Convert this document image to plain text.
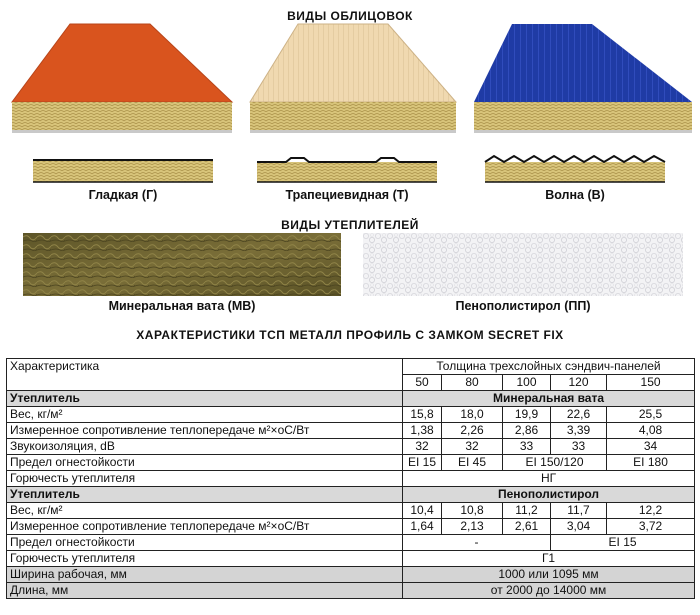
ВИДЫ ОБЛИЦОВОК
Гладкая (Г)	Трапециевидная (Т)	Волна (В)
ВИДЫ УТЕПЛИТЕЛЕЙ
Минеральная вата (МВ)	Пенополистирол (ПП)
ХАРАКТЕРИСТИКИ ТСП МЕТАЛЛ ПРОФИЛЬ С ЗАМКОМ SECRET FIX
Характеристика	Толщина трехслойных сэндвич-панелей				
	50	80	100	120	150
Утеплитель	Минеральная вата				
Вес, кг/м²	15,8	18,0	19,9	22,6	25,5
Измеренное сопротивление теплопередаче м²×оС/Вт	1,38	2,26	2,86	3,39	4,08
Звукоизоляция, dB	32	32	33	33	34
Предел огнестойкости	EI 15	EI 45	EI 150/120		EI 180
Горючесть утеплителя	НГ				
Утеплитель	Пенополистирол				
Вес, кг/м²	10,4	10,8	11,2	11,7	12,2
Измеренное сопротивление теплопередаче м²×оС/Вт	1,64	2,13	2,61	3,04	3,72
Предел огнестойкости	-			EI 15	
Горючесть утеплителя	Г1				
Ширина рабочая, мм	1000 или 1095 мм				
Длина, мм	от 2000 до 14000 мм				
